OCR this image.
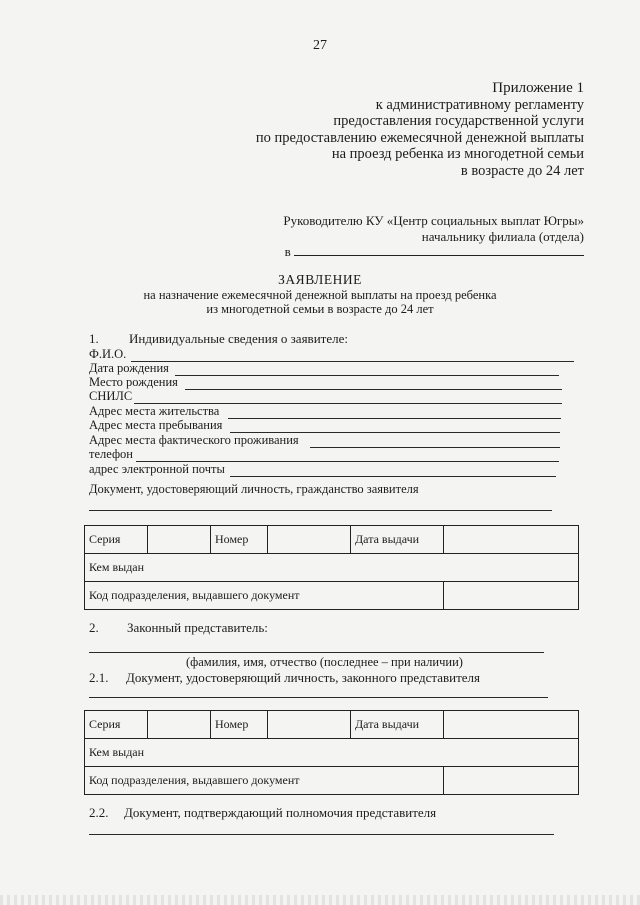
27
Приложение 1
к административному регламенту
предоставления государственной услуги
по предоставлению ежемесячной денежной выплаты
на проезд ребенка из многодетной семьи
в возрасте до 24 лет
Руководителю КУ «Центр социальных выплат Югры»
начальнику филиала (отдела)
в
ЗАЯВЛЕНИЕ
на назначение ежемесячной денежной выплаты на проезд ребенка
из многодетной семьи в возрасте до 24 лет
1. Индивидуальные сведения о заявителе:
Ф.И.О.
Дата рождения
Место рождения
СНИЛС
Адрес места жительства
Адрес места пребывания
Адрес места фактического проживания
телефон
адрес электронной почты
Документ, удостоверяющий личность, гражданство заявителя
Серия		Номер		Дата выдачи	
Кем выдан					
Код подразделения, выдавшего документ					
2. Законный представитель:
(фамилия, имя, отчество (последнее – при наличии)
2.1. Документ, удостоверяющий личность, законного представителя
Серия		Номер		Дата выдачи	
Кем выдан					
Код подразделения, выдавшего документ					
2.2. Документ, подтверждающий полномочия представителя
